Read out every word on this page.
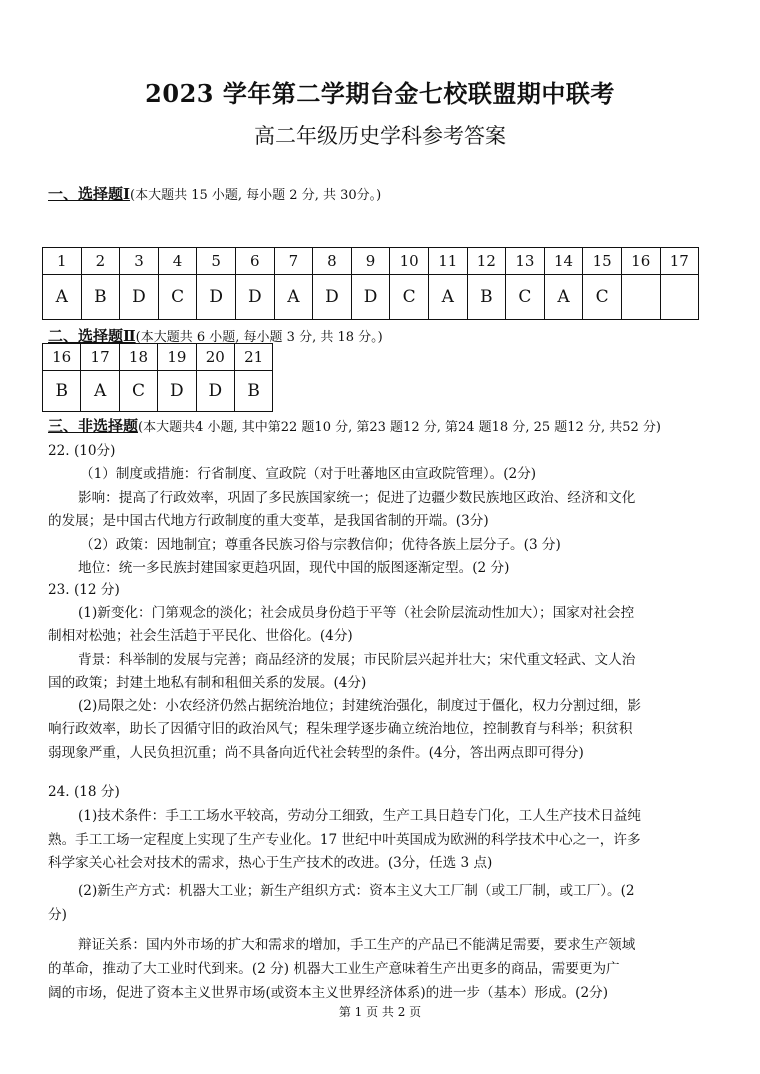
2023 学年第二学期台金七校联盟期中联考
高二年级历史学科参考答案
一、选择题Ⅰ(本大题共 15 小题, 每小题 2 分, 共 30分。)
1	2	3	4	5	6	7	8	9	10	11	12	13	14	15	16	17
A	B	D	C	D	D	A	D	D	C	A	B	C	A	C		
二、选择题Ⅱ(本大题共 6 小题, 每小题 3 分, 共 18 分。)
16	17	18	19	20	21
B	A	C	D	D	B
三、非选择题(本大题共4 小题, 其中第22 题10 分, 第23 题12 分, 第24 题18 分, 25 题12 分, 共52 分)
22. (10分)
（1）制度或措施：行省制度、宣政院（对于吐蕃地区由宣政院管理）。(2分)
影响：提高了行政效率，巩固了多民族国家统一；促进了边疆少数民族地区政治、经济和文化
的发展；是中国古代地方行政制度的重大变革，是我国省制的开端。(3分)
（2）政策：因地制宜；尊重各民族习俗与宗教信仰；优待各族上层分子。(3 分)
地位：统一多民族封建国家更趋巩固，现代中国的版图逐渐定型。(2 分)
23. (12 分)
(1)新变化：门第观念的淡化；社会成员身份趋于平等（社会阶层流动性加大）；国家对社会控
制相对松弛；社会生活趋于平民化、世俗化。(4分)
背景：科举制的发展与完善；商品经济的发展；市民阶层兴起并壮大；宋代重文轻武、文人治
国的政策；封建土地私有制和租佃关系的发展。(4分)
(2)局限之处：小农经济仍然占据统治地位；封建统治强化，制度过于僵化，权力分割过细，影
响行政效率，助长了因循守旧的政治风气；程朱理学逐步确立统治地位，控制教育与科举；积贫积
弱现象严重，人民负担沉重；尚不具备向近代社会转型的条件。(4分，答出两点即可得分)
24. (18 分)
(1)技术条件：手工工场水平较高，劳动分工细致，生产工具日趋专门化，工人生产技术日益纯
熟。手工工场一定程度上实现了生产专业化。17 世纪中叶英国成为欧洲的科学技术中心之一，许多
科学家关心社会对技术的需求，热心于生产技术的改进。(3分，任选 3 点)
(2)新生产方式：机器大工业；新生产组织方式：资本主义大工厂制（或工厂制，或工厂）。(2
分)
辩证关系：国内外市场的扩大和需求的增加，手工生产的产品已不能满足需要，要求生产领域
的革命，推动了大工业时代到来。(2 分) 机器大工业生产意味着生产出更多的商品，需要更为广
阔的市场，促进了资本主义世界市场(或资本主义世界经济体系)的进一步（基本）形成。(2分)
第 1 页 共 2 页
